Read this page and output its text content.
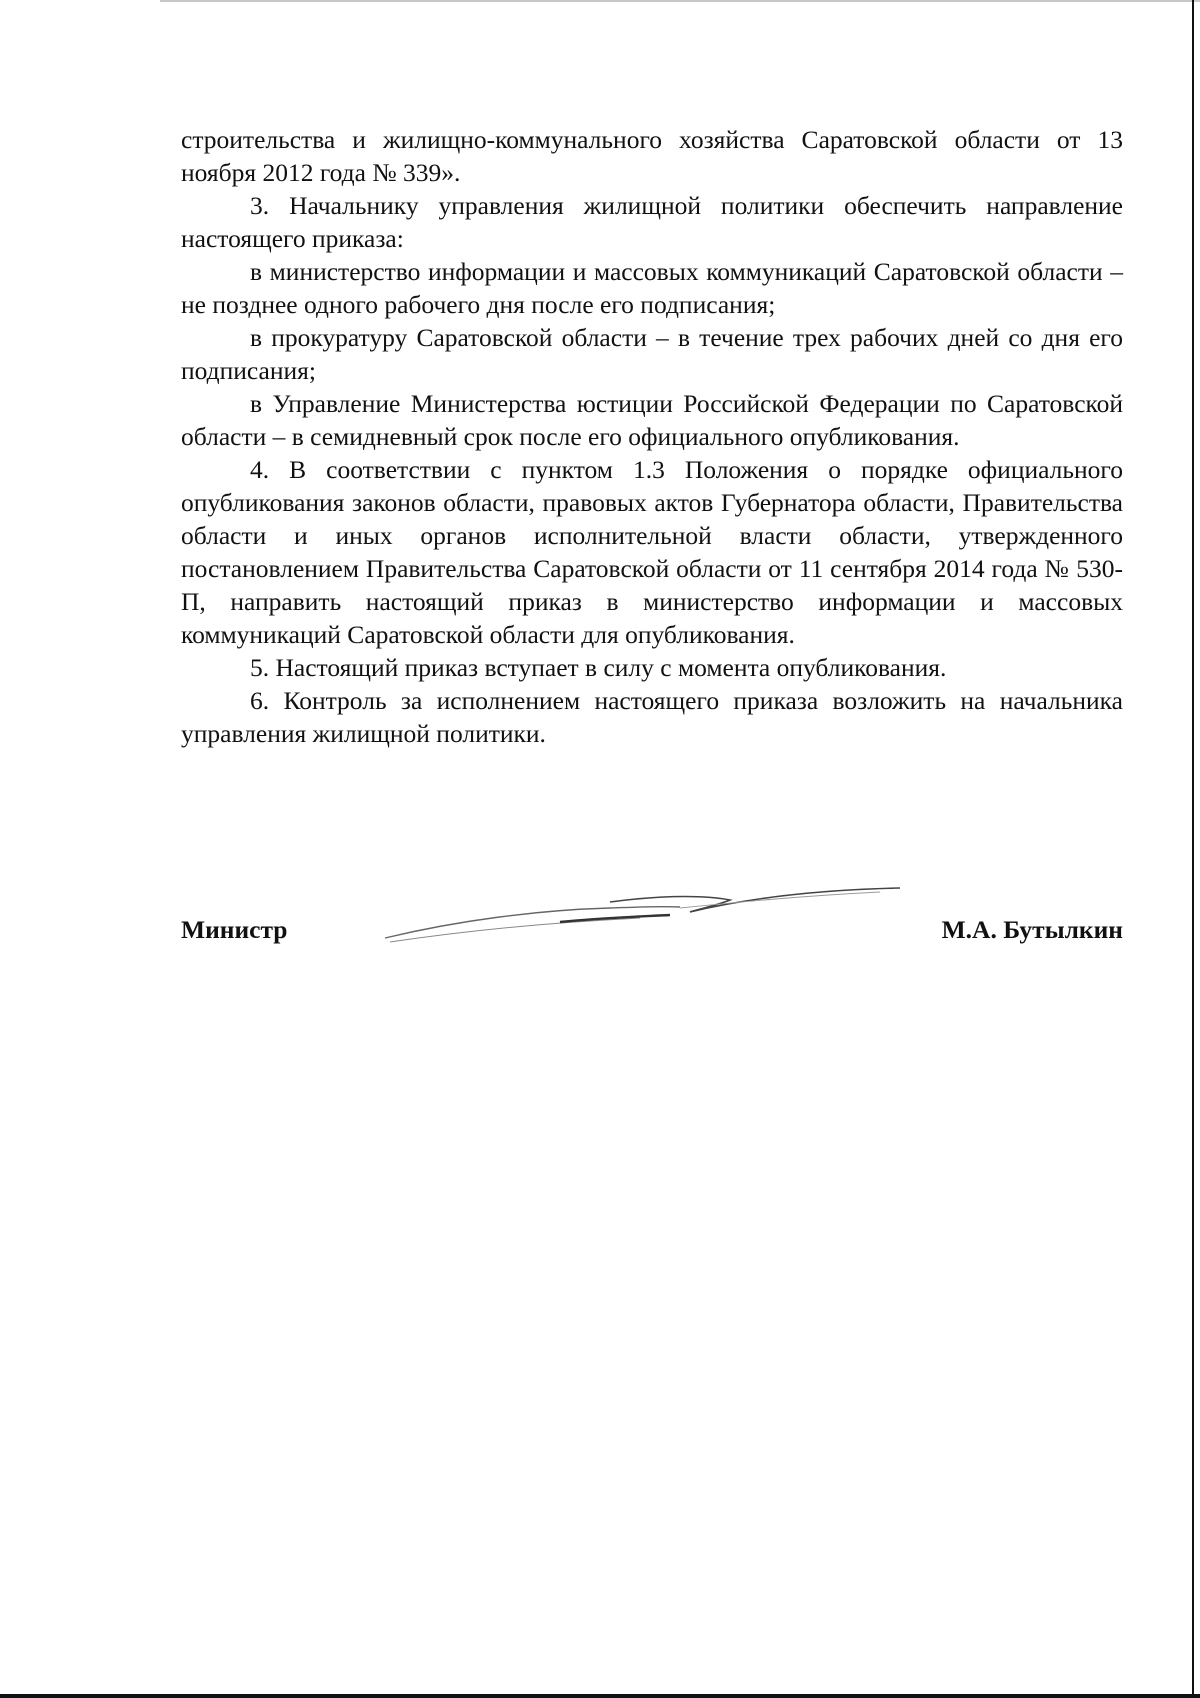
строительства и жилищно-коммунального хозяйства Саратовской области от 13 ноября 2012 года № 339».

3. Начальнику управления жилищной политики обеспечить направление настоящего приказа:

в министерство информации и массовых коммуникаций Саратовской области – не позднее одного рабочего дня после его подписания;

в прокуратуру Саратовской области – в течение трех рабочих дней со дня его подписания;

в Управление Министерства юстиции Российской Федерации по Саратовской области – в семидневный срок после его официального опубликования.

4. В соответствии с пунктом 1.3 Положения о порядке официального опубликования законов области, правовых актов Губернатора области, Правительства области и иных органов исполнительной власти области, утвержденного постановлением Правительства Саратовской области от 11 сентября 2014 года № 530-П, направить настоящий приказ в министерство информации и массовых коммуникаций Саратовской области для опубликования.

5. Настоящий приказ вступает в силу с момента опубликования.

6. Контроль за исполнением настоящего приказа возложить на начальника управления жилищной политики.

Министр	М.А. Бутылкин
